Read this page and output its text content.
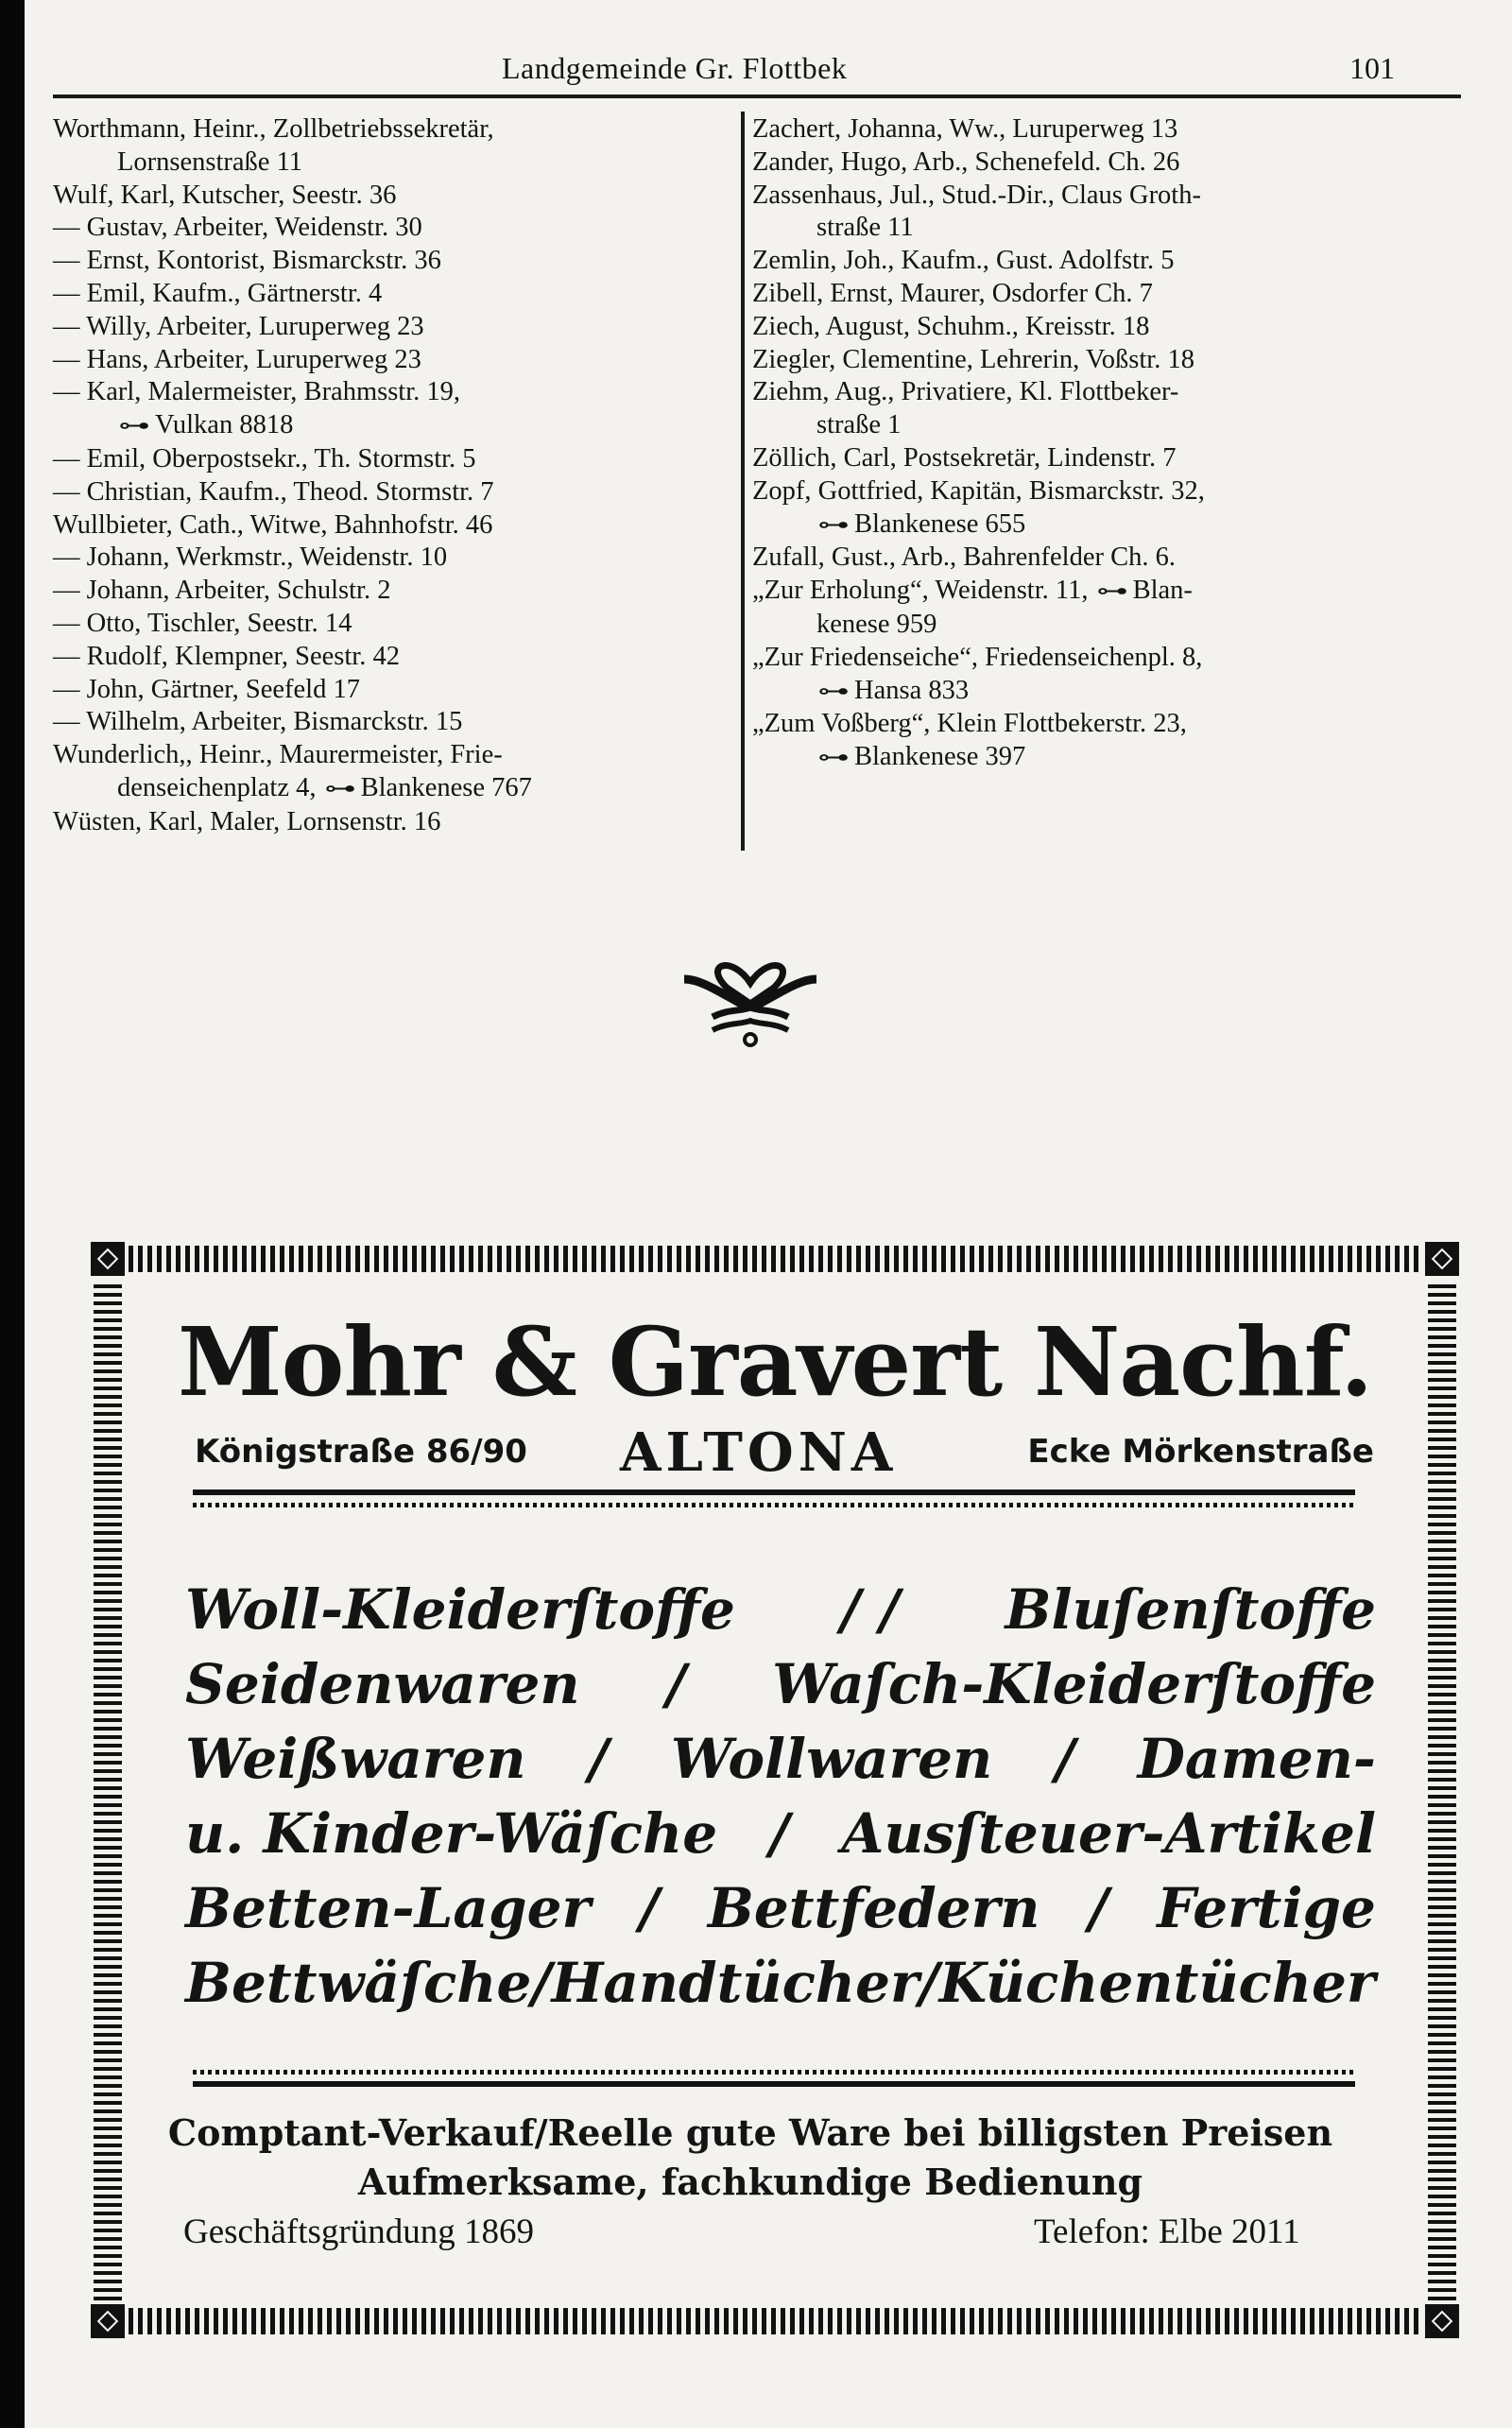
Landgemeinde Gr. Flottbek	101
Worthmann, Heinr., Zollbetriebssekretär,
Lornsenstraße 11
Wulf, Karl, Kutscher, Seestr. 36
— Gustav, Arbeiter, Weidenstr. 30
— Ernst, Kontorist, Bismarckstr. 36
— Emil, Kaufm., Gärtnerstr. 4
— Willy, Arbeiter, Luruperweg 23
— Hans, Arbeiter, Luruperweg 23
— Karl, Malermeister, Brahmsstr. 19,
⊶ Vulkan 8818
— Emil, Oberpostsekr., Th. Stormstr. 5
— Christian, Kaufm., Theod. Stormstr. 7
Wullbieter, Cath., Witwe, Bahnhofstr. 46
— Johann, Werkmstr., Weidenstr. 10
— Johann, Arbeiter, Schulstr. 2
— Otto, Tischler, Seestr. 14
— Rudolf, Klempner, Seestr. 42
— John, Gärtner, Seefeld 17
— Wilhelm, Arbeiter, Bismarckstr. 15
Wunderlich,, Heinr., Maurermeister, Frie-
denseichenplatz 4, ⊶ Blankenese 767
Wüsten, Karl, Maler, Lornsenstr. 16
Zachert, Johanna, Ww., Luruperweg 13
Zander, Hugo, Arb., Schenefeld. Ch. 26
Zassenhaus, Jul., Stud.-Dir., Claus Groth-
straße 11
Zemlin, Joh., Kaufm., Gust. Adolfstr. 5
Zibell, Ernst, Maurer, Osdorfer Ch. 7
Ziech, August, Schuhm., Kreisstr. 18
Ziegler, Clementine, Lehrerin, Voßstr. 18
Ziehm, Aug., Privatiere, Kl. Flottbeker-
straße 1
Zöllich, Carl, Postsekretär, Lindenstr. 7
Zopf, Gottfried, Kapitän, Bismarckstr. 32,
⊶ Blankenese 655
Zufall, Gust., Arb., Bahrenfelder Ch. 6.
„Zur Erholung“, Weidenstr. 11, ⊶ Blan-
kenese 959
„Zur Friedenseiche“, Friedenseichenpl. 8,
⊶ Hansa 833
„Zum Voßberg“, Klein Flottbekerstr. 23,
⊶ Blankenese 397
Mohr & Gravert Nachf.
Königstraße 86/90 ALTONA	Ecke Mörkenstraße
Woll-Kleiderſtoffe / / Bluſenſtoffe
Seidenwaren / Waſch-Kleiderſtoffe
Weißwaren / Wollwaren / Damen-
u. Kinder-Wäſche / Ausſteuer-Artikel
Betten-Lager / Bettfedern / Fertige
Bettwäſche/Handtücher/Küchentücher
Comptant-Verkauf/Reelle gute Ware bei billigsten Preisen
Aufmerksame, fachkundige Bedienung
Geschäftsgründung 1869	Telefon: Elbe 2011
